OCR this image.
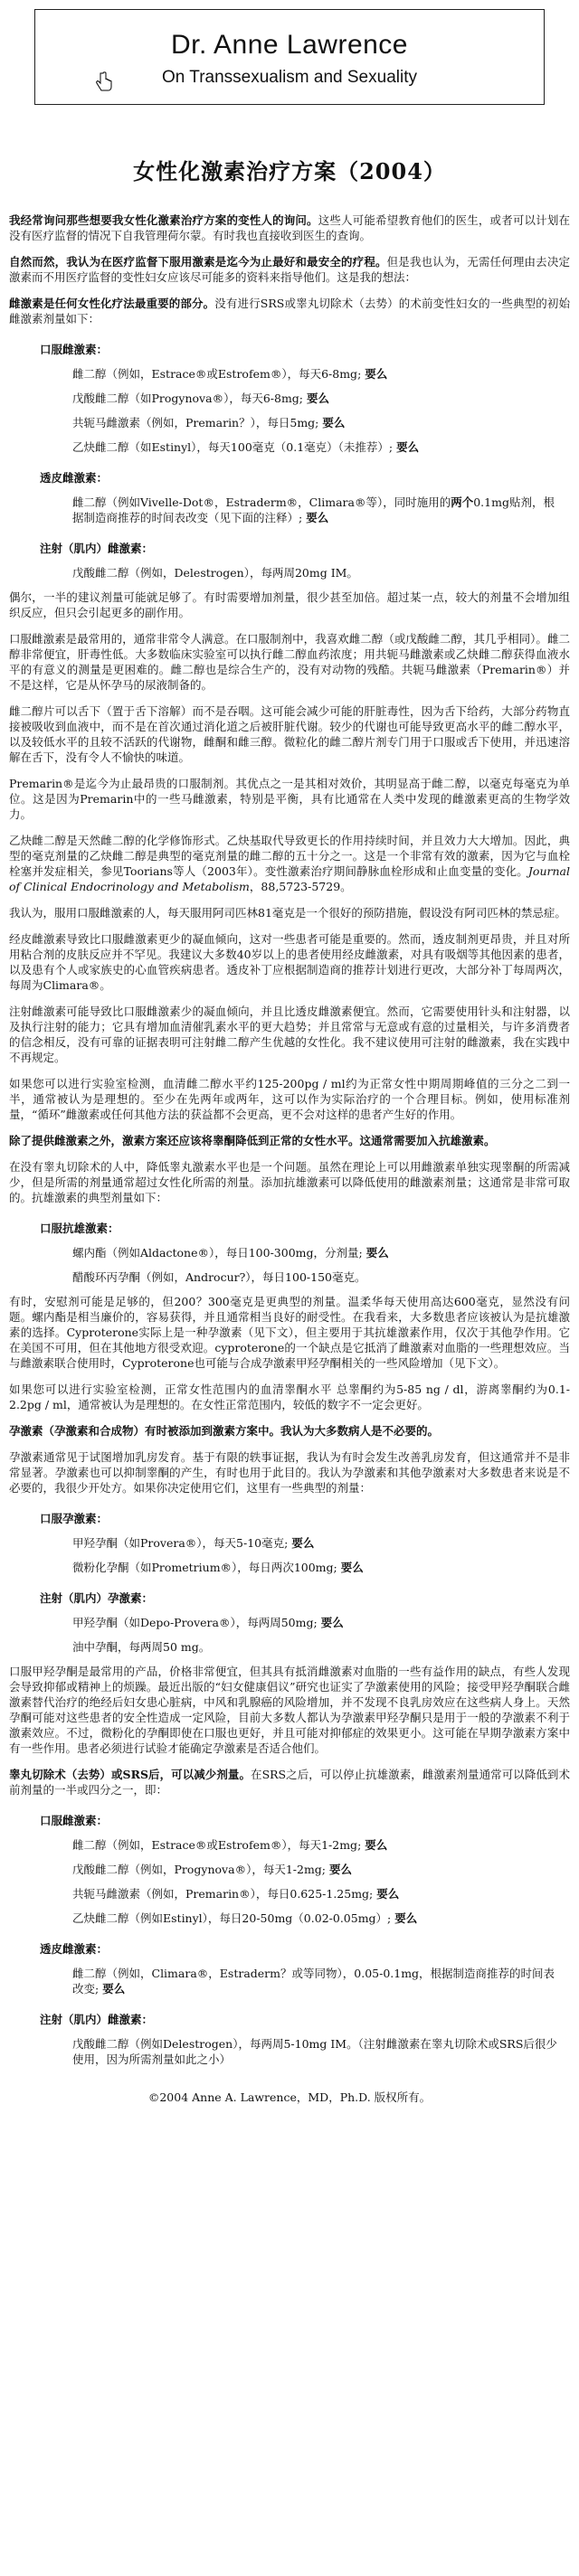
Dr. Anne Lawrence
On Transsexualism and Sexuality
女性化激素治疗方案（2004）

我经常询问那些想要我女性化激素治疗方案的变性人的询问。这些人可能希望教育他们的医生，或者可以计划在没有医疗监督的情况下自我管理荷尔蒙。有时我也直接收到医生的查询。

自然而然，我认为在医疗监督下服用激素是迄今为止最好和最安全的疗程。但是我也认为，无需任何理由去决定激素而不用医疗监督的变性妇女应该尽可能多的资料来指导他们。这是我的想法：

雌激素是任何女性化疗法最重要的部分。没有进行SRS或睾丸切除术（去势）的术前变性妇女的一些典型的初始雌激素剂量如下：

口服雌激素：
雌二醇（例如，Estrace®或Estrofem®），每天6-8mg; 要么
戊酸雌二醇（如Progynova®），每天6-8mg; 要么
共轭马雌激素（例如，Premarin？），每日5mg; 要么
乙炔雌二醇（如Estinyl），每天100毫克（0.1毫克）（未推荐）; 要么
透皮雌激素：
雌二醇（例如Vivelle-Dot®，Estraderm®，Climara®等），同时施用的两个0.1mg贴剂，根据制造商推荐的时间表改变（见下面的注释）; 要么
注射（肌内）雌激素：
戊酸雌二醇（例如，Delestrogen），每两周20mg IM。

偶尔，一半的建议剂量可能就足够了。有时需要增加剂量，很少甚至加倍。超过某一点，较大的剂量不会增加组织反应，但只会引起更多的副作用。

口服雌激素是最常用的，通常非常令人满意。在口服制剂中，我喜欢雌二醇（或戊酸雌二醇，其几乎相同）。雌二醇非常便宜，肝毒性低。大多数临床实验室可以执行雌二醇血药浓度；用共轭马雌激素或乙炔雌二醇获得血液水平的有意义的测量是更困难的。雌二醇也是综合生产的，没有对动物的残酷。共轭马雌激素（Premarin®）并不是这样，它是从怀孕马的尿液制备的。

雌二醇片可以舌下（置于舌下溶解）而不是吞咽。这可能会减少可能的肝脏毒性，因为舌下给药，大部分药物直接被吸收到血液中，而不是在首次通过消化道之后被肝脏代谢。较少的代谢也可能导致更高水平的雌二醇水平，以及较低水平的且较不活跃的代谢物，雌酮和雌三醇。微粒化的雌二醇片剂专门用于口服或舌下使用，并迅速溶解在舌下，没有令人不愉快的味道。

Premarin®是迄今为止最昂贵的口服制剂。其优点之一是其相对效价，其明显高于雌二醇，以毫克每毫克为单位。这是因为Premarin中的一些马雌激素，特别是平衡，具有比通常在人类中发现的雌激素更高的生物学效力。

乙炔雌二醇是天然雌二醇的化学修饰形式。乙炔基取代导致更长的作用持续时间，并且效力大大增加。因此，典型的毫克剂量的乙炔雌二醇是典型的毫克剂量的雌二醇的五十分之一。这是一个非常有效的激素，因为它与血栓栓塞并发症相关，参见Toorians等人（2003年）。变性激素治疗期间静脉血栓形成和止血变量的变化。Journal of Clinical Endocrinology and Metabolism，88,5723-5729。

我认为，服用口服雌激素的人，每天服用阿司匹林81毫克是一个很好的预防措施，假设没有阿司匹林的禁忌症。

经皮雌激素导致比口服雌激素更少的凝血倾向，这对一些患者可能是重要的。然而，透皮制剂更昂贵，并且对所用粘合剂的皮肤反应并不罕见。我建议大多数40岁以上的患者使用经皮雌激素，对具有吸烟等其他因素的患者，以及患有个人或家族史的心血管疾病患者。透皮补丁应根据制造商的推荐计划进行更改，大部分补丁每周两次，每周为Climara®。

注射雌激素可能导致比口服雌激素少的凝血倾向，并且比透皮雌激素便宜。然而，它需要使用针头和注射器，以及执行注射的能力；它具有增加血清催乳素水平的更大趋势；并且常常与无意或有意的过量相关，与许多消费者的信念相反，没有可靠的证据表明可注射雌二醇产生优越的女性化。我不建议使用可注射的雌激素，我在实践中不再规定。

如果您可以进行实验室检测，血清雌二醇水平约125-200pg / ml约为正常女性中期周期峰值的三分之二到一半，通常被认为是理想的。至少在先两年或两年，这可以作为实际治疗的一个合理目标。例如，使用标准剂量，“循环”雌激素或任何其他方法的获益都不会更高，更不会对这样的患者产生好的作用。

除了提供雌激素之外，激素方案还应该将睾酮降低到正常的女性水平。这通常需要加入抗雄激素。

在没有睾丸切除术的人中，降低睾丸激素水平也是一个问题。虽然在理论上可以用雌激素单独实现睾酮的所需减少，但是所需的剂量通常超过女性化所需的剂量。添加抗雄激素可以降低使用的雌激素剂量；这通常是非常可取的。抗雄激素的典型剂量如下：

口服抗雄激素：
螺内酯（例如Aldactone®），每日100-300mg，分剂量; 要么
醋酸环丙孕酮（例如，Androcur?），每日100-150毫克。

有时，安慰剂可能是足够的，但200？300毫克是更典型的剂量。温柔华每天使用高达600毫克，显然没有问题。螺内酯是相当廉价的，容易获得，并且通常相当良好的耐受性。在我看来，大多数患者应该被认为是抗雄激素的选择。Cyproterone实际上是一种孕激素（见下文），但主要用于其抗雄激素作用，仅次于其他孕作用。它在美国不可用，但在其他地方很受欢迎。cyproterone的一个缺点是它抵消了雌激素对血脂的一些理想效应。当与雌激素联合使用时，Cyproterone也可能与合成孕激素甲羟孕酮相关的一些风险增加（见下文）。

如果您可以进行实验室检测，正常女性范围内的血清睾酮水平 总睾酮约为5-85 ng / dl，游离睾酮约为0.1-2.2pg / ml，通常被认为是理想的。在女性正常范围内，较低的数字不一定会更好。

孕激素（孕激素和合成物）有时被添加到激素方案中。我认为大多数病人是不必要的。

孕激素通常见于试图增加乳房发育。基于有限的轶事证据，我认为有时会发生改善乳房发育，但这通常并不是非常显著。孕激素也可以抑制睾酮的产生，有时也用于此目的。我认为孕激素和其他孕激素对大多数患者来说是不必要的，我很少开处方。如果你决定使用它们，这里有一些典型的剂量：

口服孕激素：
甲羟孕酮（如Provera®），每天5-10毫克; 要么
微粉化孕酮（如Prometrium®），每日两次100mg; 要么
注射（肌内）孕激素：
甲羟孕酮（如Depo-Provera®），每两周50mg; 要么
油中孕酮，每两周50 mg。

口服甲羟孕酮是最常用的产品，价格非常便宜，但其具有抵消雌激素对血脂的一些有益作用的缺点，有些人发现会导致抑郁或精神上的烦躁。最近出版的“妇女健康倡议”研究也证实了孕激素使用的风险；接受甲羟孕酮联合雌激素替代治疗的绝经后妇女患心脏病，中风和乳腺癌的风险增加，并不发现不良乳房效应在这些病人身上。天然孕酮可能对这些患者的安全性造成一定风险，目前大多数人都认为孕激素甲羟孕酮只是用于一般的孕激素不利于激素效应。不过，微粉化的孕酮即使在口服也更好，并且可能对抑郁症的效果更小。这可能在早期孕激素方案中有一些作用。患者必须进行试验才能确定孕激素是否适合他们。

睾丸切除术（去势）或SRS后，可以减少剂量。在SRS之后，可以停止抗雄激素，雌激素剂量通常可以降低到术前剂量的一半或四分之一，即：

口服雌激素：
雌二醇（例如，Estrace®或Estrofem®），每天1-2mg; 要么
戊酸雌二醇（例如，Progynova®），每天1-2mg; 要么
共轭马雌激素（例如，Premarin®），每日0.625-1.25mg; 要么
乙炔雌二醇（例如Estinyl），每日20-50mg（0.02-0.05mg）; 要么
透皮雌激素：
雌二醇（例如，Climara®，Estraderm？或等同物），0.05-0.1mg，根据制造商推荐的时间表改变; 要么
注射（肌内）雌激素：
戊酸雌二醇（例如Delestrogen），每两周5-10mg IM。（注射雌激素在睾丸切除术或SRS后很少使用，因为所需剂量如此之小）
©2004 Anne A. Lawrence，MD，Ph.D. 版权所有。
